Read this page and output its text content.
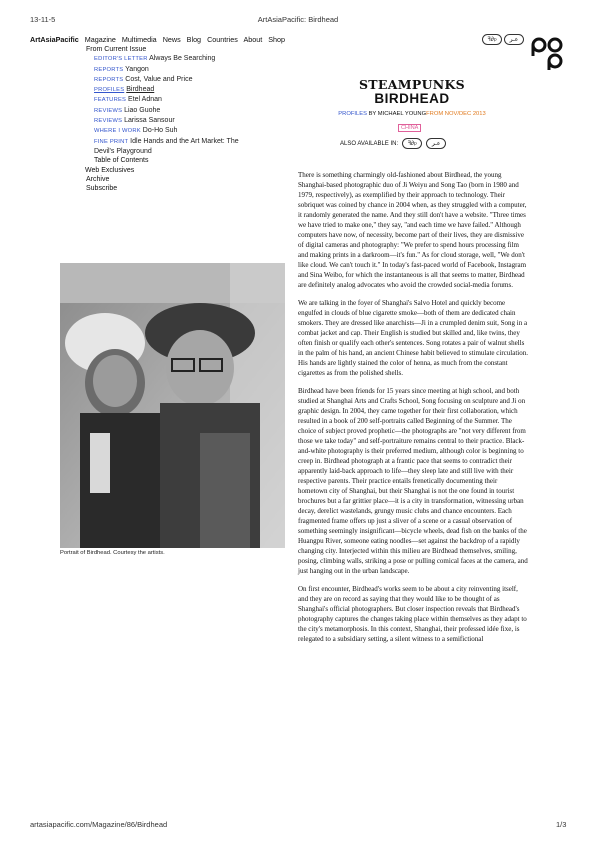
13-11-5	ArtAsiaPacific: Birdhead
artasiapacific.com/Magazine/86/Birdhead	1/3
ArtAsiaPacific Magazine Multimedia News Blog Countries About Shop	ꟻ∂𝔭	عـر
From Current Issue
EDITOR'S LETTER Always Be Searching
REPORTS Yangon
REPORTS Cost, Value and Price
PROFILES Birdhead
FEATURES Etel Adnan
REVIEWS Liao Guohe
REVIEWS Larissa Sansour
WHERE I WORK Do-Ho Suh
FINE PRINT Idle Hands and the Art Market: The Devil's Playground
Table of Contents
Web Exclusives
Archive
Subscribe
STEAMPUNKS
BIRDHEAD
PROFILES BY MICHAEL YOUNGFROM NOV/DEC 2013
CHINA
ALSO AVAILABLE IN:	ꟻ∂𝔭	عـر
Portrait of Birdhead. Courtesy the artists.

There is something charmingly old-fashioned about Birdhead, the young Shanghai-based photographic duo of Ji Weiyu and Song Tao (born in 1980 and 1979, respectively), as exemplified by their approach to technology. Their sobriquet was coined by chance in 2004 when, as they struggled with a computer, it randomly generated the name. And they still don't have a website. "Three times we have tried to make one," they say, "and each time we have failed." Although computers have now, of necessity, become part of their lives, they are dismissive of digital cameras and photography: "We prefer to spend hours processing film and making prints in a darkroom—it's fun." As for cloud storage, well, "We don't like cloud. We can't touch it." In today's fast-paced world of Facebook, Instagram and Sina Weibo, for which the instantaneous is all that seems to matter, Birdhead are definitely analog advocates who avoid the crowded social-media forums.

We are talking in the foyer of Shanghai's Salvo Hotel and quickly become engulfed in clouds of blue cigarette smoke—both of them are dedicated chain smokers. They are dressed like anarchists—Ji in a crumpled denim suit, Song in a combat jacket and cap. Their English is studied but skilled and, like twins, they often finish or qualify each other's sentences. Song rotates a pair of walnut shells in the palm of his hand, an ancient Chinese habit believed to stimulate circulation. His hands are lightly stained the color of henna, as much from the constant cigarettes as from the polished shells.

Birdhead have been friends for 15 years since meeting at high school, and both studied at Shanghai Arts and Crafts School, Song focusing on sculpture and Ji on graphic design. In 2004, they came together for their first collaboration, which resulted in a book of 200 self-portraits called Beginning of the Summer. The choice of subject proved prophetic—the photographs are "not very different from those we take today" and self-portraiture remains central to their practice. Black-and-white photography is their preferred medium, although color is beginning to creep in. Birdhead photograph at a frantic pace that seems to contradict their apparently laid-back approach to life—they sleep late and still live with their respective parents. Their practice entails frenetically documenting their hometown city of Shanghai, but their Shanghai is not the one found in tourist brochures but a far grittier place—it is a city in transformation, witnessing urban decay, derelict wastelands, grungy music clubs and chance encounters. Each fragmented frame offers up just a sliver of a scene or a casual observation of something seemingly insignificant—bicycle wheels, dead fish on the banks of the Huangpu River, someone eating noodles—set against the backdrop of a rapidly changing city. Interjected within this milieu are Birdhead themselves, smiling, posing, climbing walls, striking a pose or pulling comical faces at the camera, and just hanging out in the urban landscape.

On first encounter, Birdhead's works seem to be about a city reinventing itself, and they are on record as saying that they would like to be thought of as Shanghai's official photographers. But closer inspection reveals that Birdhead's photography captures the changes taking place within themselves as they adapt to the city's metamorphosis. In this context, Shanghai, their professed idée fixe, is relegated to a subsidiary setting, a silent witness to a semifictional
